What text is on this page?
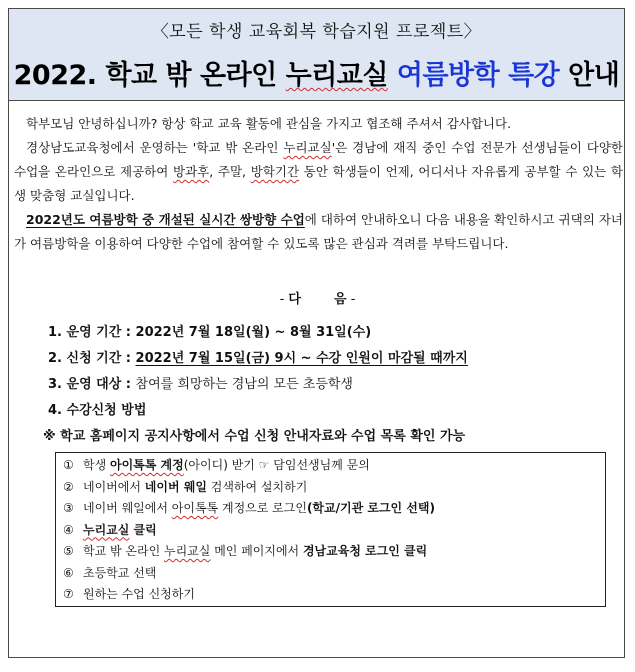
〈모든 학생 교육회복 학습지원 프로젝트〉
2022. 학교 밖 온라인 누리교실 여름방학 특강 안내

학부모님 안녕하십니까? 항상 학교 교육 활동에 관심을 가지고 협조해 주셔서 감사합니다.

경상남도교육청에서 운영하는 '학교 밖 온라인 누리교실'은 경남에 재직 중인 수업 전문가 선생님들이 다양한 수업을 온라인으로 제공하여 방과후, 주말, 방학기간 동안 학생들이 언제, 어디서나 자유롭게 공부할 수 있는 학생 맞춤형 교실입니다.

2022년도 여름방학 중 개설된 실시간 쌍방향 수업에 대하여 안내하오니 다음 내용을 확인하시고 귀댁의 자녀가 여름방학을 이용하여 다양한 수업에 참여할 수 있도록 많은 관심과 격려를 부탁드립니다.

- 다	음 -
1. 운영 기간 : 2022년 7월 18일(월) ~ 8월 31일(수)
2. 신청 기간 : 2022년 7월 15일(금) 9시 ~ 수강 인원이 마감될 때까지
3. 운영 대상 : 참여를 희망하는 경남의 모든 초등학생
4. 수강신청 방법
※ 학교 홈페이지 공지사항에서 수업 신청 안내자료와 수업 목록 확인 가능
① 학생 아이톡톡 계정(아이디) 받기 ☞ 담임선생님께 문의
② 네이버에서 네이버 웨일 검색하여 설치하기
③ 네이버 웨일에서 아이톡톡 계정으로 로그인(학교/기관 로그인 선택)
④ 누리교실 클릭
⑤ 학교 밖 온라인 누리교실 메인 페이지에서 경남교육청 로그인 클릭
⑥ 초등학교 선택
⑦ 원하는 수업 신청하기
